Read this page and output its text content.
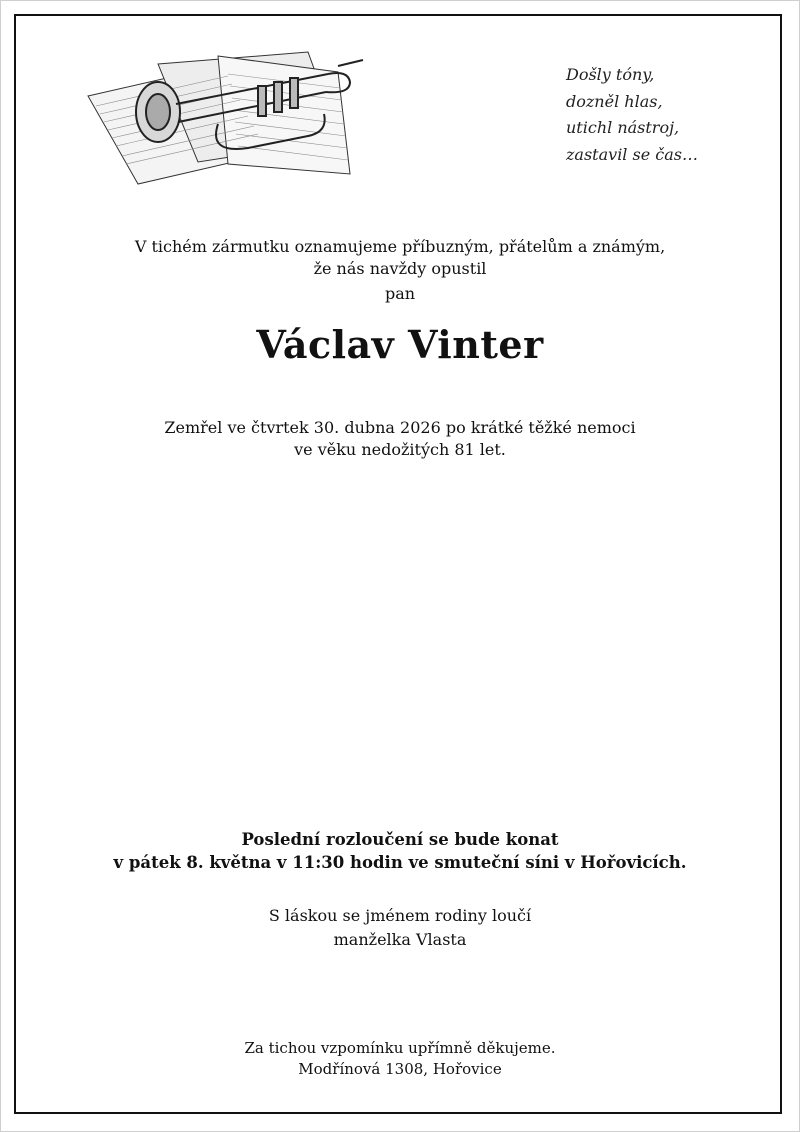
Došly tóny,
dozněl hlas,
utichl nástroj,
zastavil se čas…
V tichém zármutku oznamujeme příbuzným, přátelům a známým,
že nás navždy opustil
pan
Václav Vinter
Zemřel ve čtvrtek 30. dubna 2026 po krátké těžké nemoci
ve věku nedožitých 81 let.
Poslední rozloučení se bude konat
v pátek 8. května v 11:30 hodin ve smuteční síni v Hořovicích.
S láskou se jménem rodiny loučí
manželka Vlasta
Za tichou vzpomínku upřímně děkujeme.
Modřínová 1308, Hořovice
